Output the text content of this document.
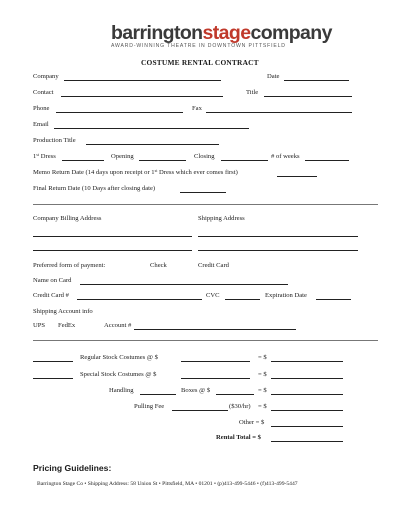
barringtonstagecompany
AWARD-WINNING THEATRE IN DOWNTOWN PITTSFIELD
COSTUME RENTAL CONTRACT
Company	Date
Contact	Title
Phone	Fax
Email
Production Title
1st Dress	Opening	Closing	# of weeks
Memo Return Date (14 days upon receipt or 1st Dress which ever comes first)
Final Return Date (10 Days after closing date)
Company Billing Address	Shipping Address
Preferred form of payment:	Check	Credit Card
Name on Card
Credit Card #	CVC	Expiration Date
Shipping Account info
UPS FedEx	Account #
Regular Stock Costumes @ $	= $
Special Stock Costumes @ $	= $
Handling	Boxes @ $	= $
Pulling Fee	($30/hr) = $
Other = $
Rental Total = $
Pricing Guidelines:
Barrington Stage Co • Shipping Address: 58 Union St • Pittsfield, MA • 01201 • (p)413-499-5446 • (f)413-499-5447
